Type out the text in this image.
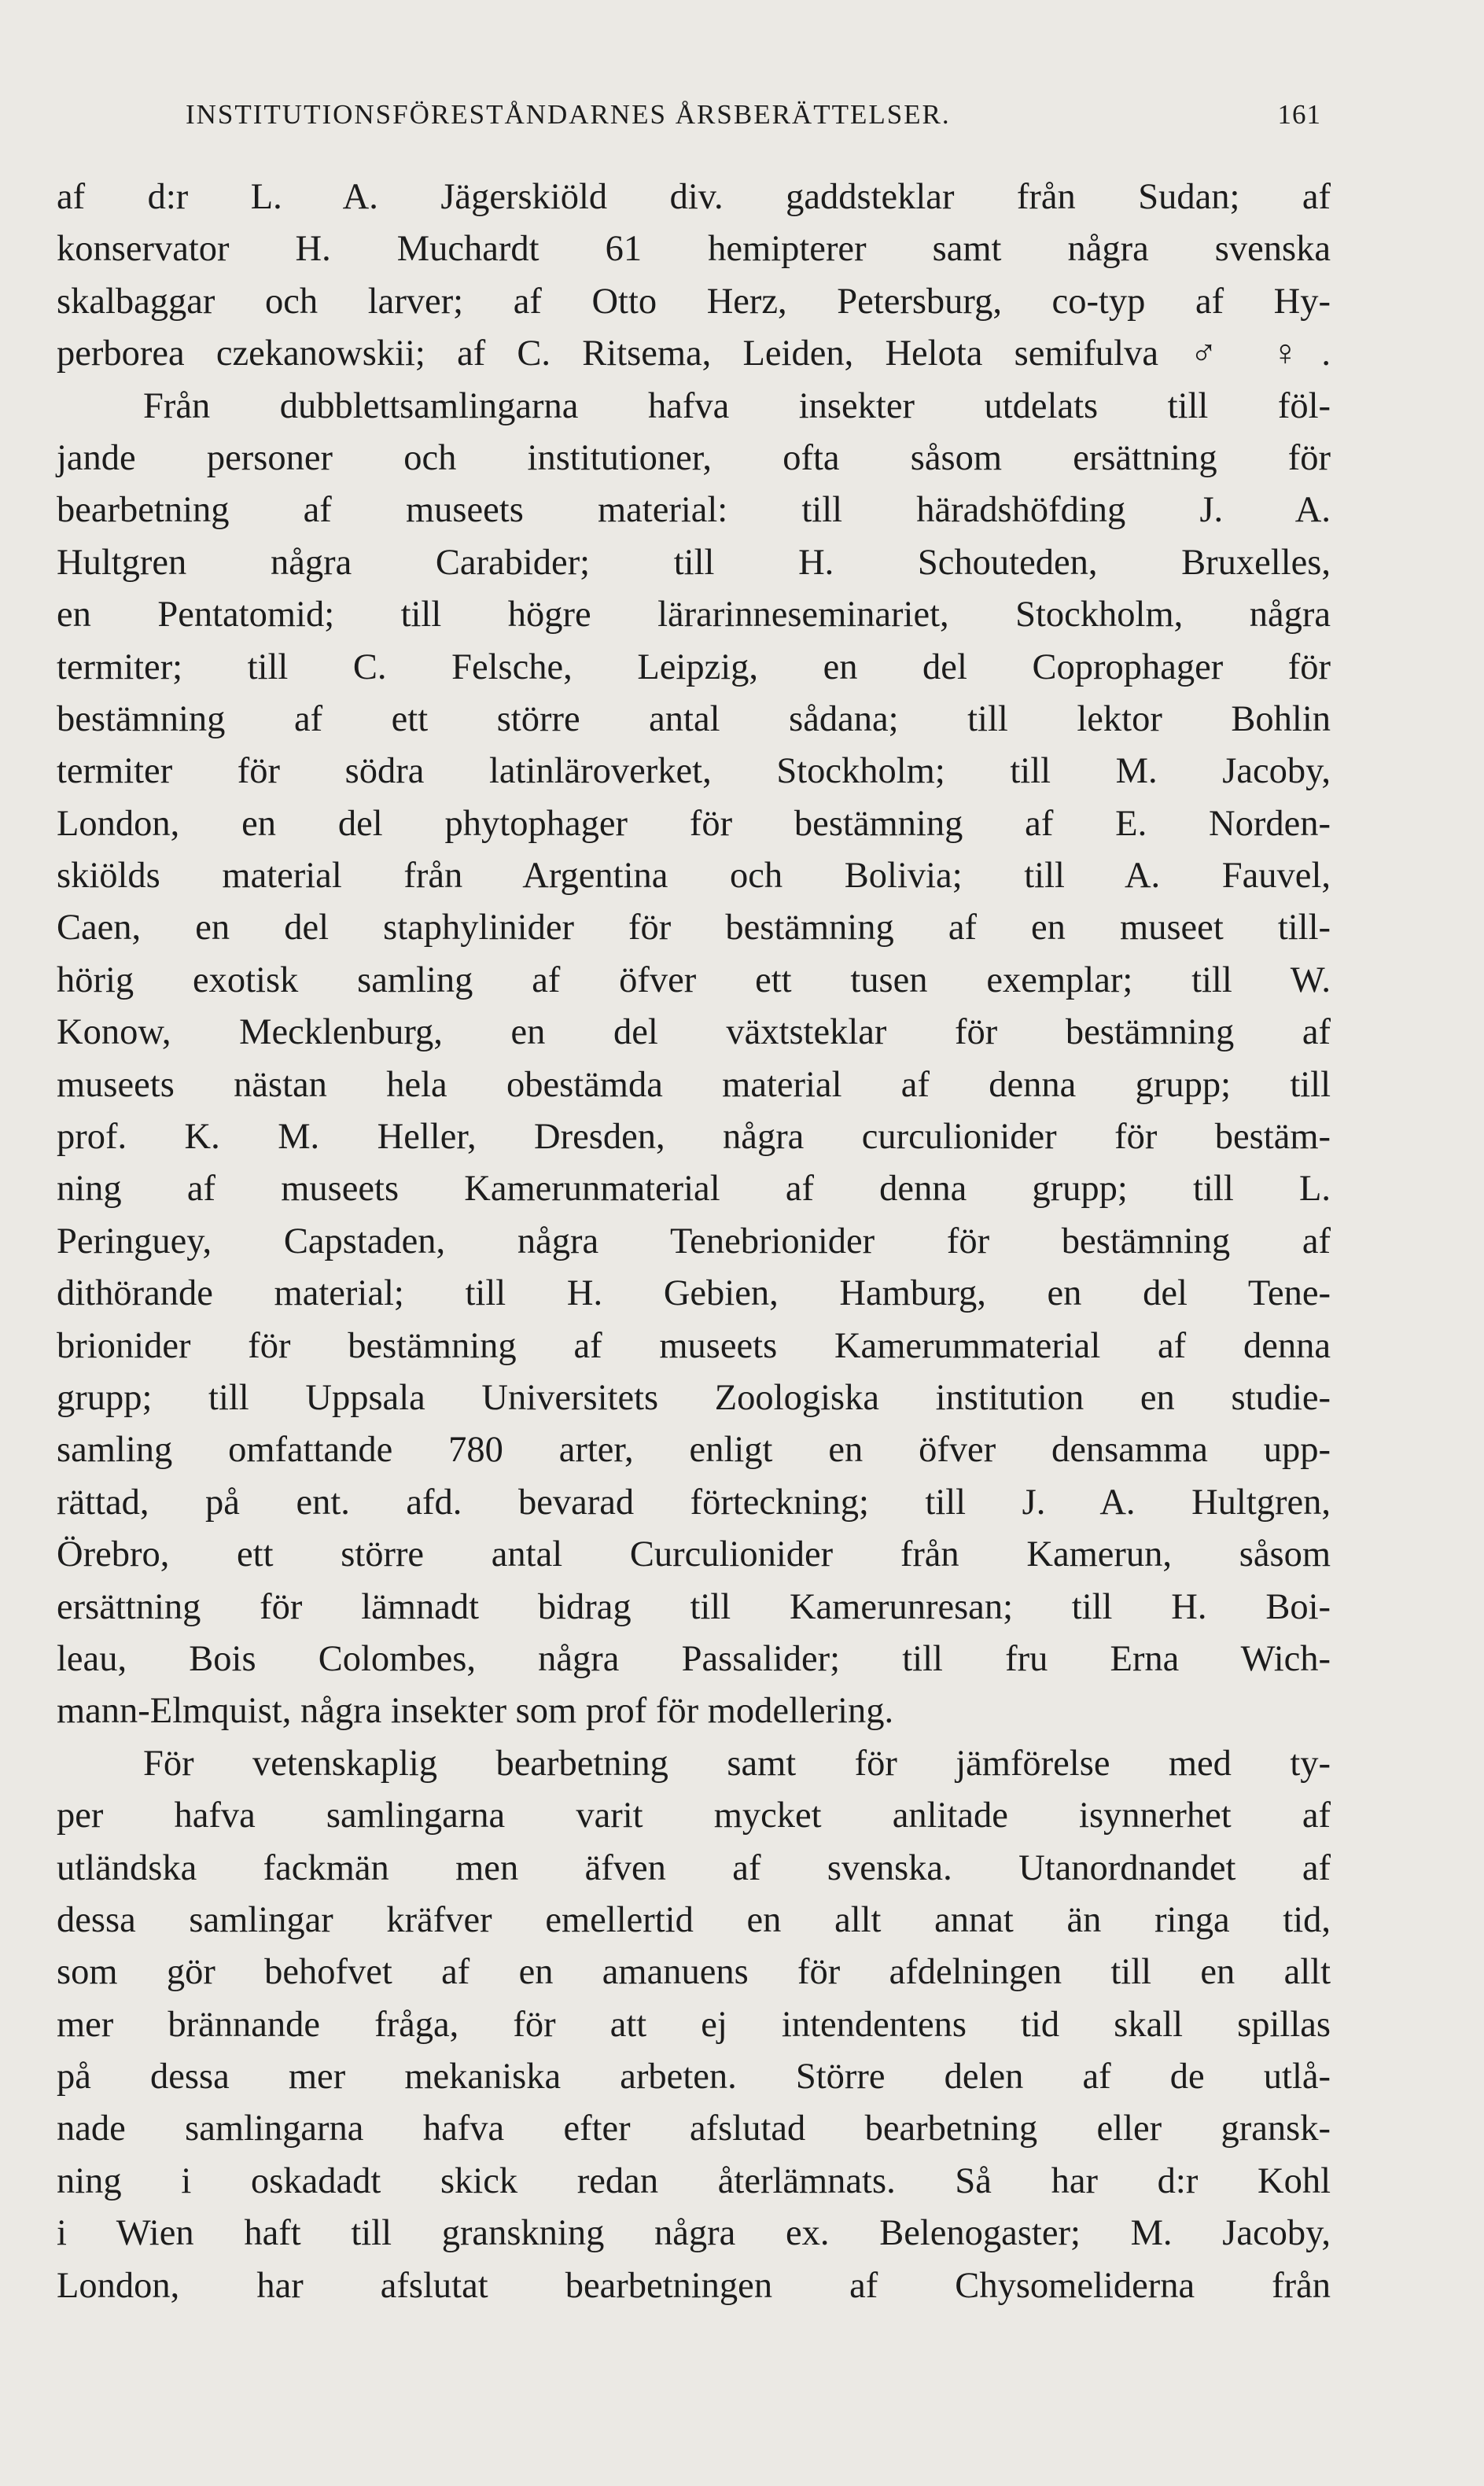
INSTITUTIONSFÖRESTÅNDARNES ÅRSBERÄTTELSER.	161
af d:r L. A. Jägerskiöld div. gaddsteklar från Sudan; af
konservator H. Muchardt 61 hemipterer samt några svenska
skalbaggar och larver; af Otto Herz, Petersburg, co-typ af Hy-
perborea czekanowskii; af C. Ritsema, Leiden, Helota semifulva ♂ ♀.
Från dubblettsamlingarna hafva insekter utdelats till föl-
jande personer och institutioner, ofta såsom ersättning för
bearbetning af museets material: till häradshöfding J. A.
Hultgren några Carabider; till H. Schouteden, Bruxelles,
en Pentatomid; till högre lärarinneseminariet, Stockholm, några
termiter; till C. Felsche, Leipzig, en del Coprophager för
bestämning af ett större antal sådana; till lektor Bohlin
termiter för södra latinläroverket, Stockholm; till M. Jacoby,
London, en del phytophager för bestämning af E. Norden-
skiölds material från Argentina och Bolivia; till A. Fauvel,
Caen, en del staphylinider för bestämning af en museet till-
hörig exotisk samling af öfver ett tusen exemplar; till W.
Konow, Mecklenburg, en del växtsteklar för bestämning af
museets nästan hela obestämda material af denna grupp; till
prof. K. M. Heller, Dresden, några curculionider för bestäm-
ning af museets Kamerunmaterial af denna grupp; till L.
Peringuey, Capstaden, några Tenebrionider för bestämning af
dithörande material; till H. Gebien, Hamburg, en del Tene-
brionider för bestämning af museets Kamerummaterial af denna
grupp; till Uppsala Universitets Zoologiska institution en studie-
samling omfattande 780 arter, enligt en öfver densamma upp-
rättad, på ent. afd. bevarad förteckning; till J. A. Hultgren,
Örebro, ett större antal Curculionider från Kamerun, såsom
ersättning för lämnadt bidrag till Kamerunresan; till H. Boi-
leau, Bois Colombes, några Passalider; till fru Erna Wich-
mann-Elmquist, några insekter som prof för modellering.
För vetenskaplig bearbetning samt för jämförelse med ty-
per hafva samlingarna varit mycket anlitade isynnerhet af
utländska fackmän men äfven af svenska. Utanordnandet af
dessa samlingar kräfver emellertid en allt annat än ringa tid,
som gör behofvet af en amanuens för afdelningen till en allt
mer brännande fråga, för att ej intendentens tid skall spillas
på dessa mer mekaniska arbeten. Större delen af de utlå-
nade samlingarna hafva efter afslutad bearbetning eller gransk-
ning i oskadadt skick redan återlämnats. Så har d:r Kohl
i Wien haft till granskning några ex. Belenogaster; M. Jacoby,
London, har afslutat bearbetningen af Chysomeliderna från
